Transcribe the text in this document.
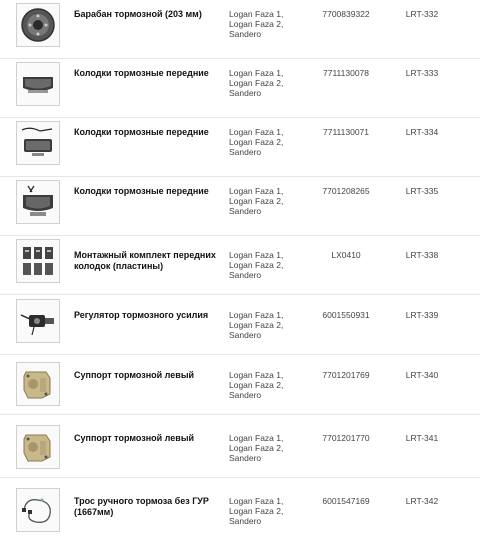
Барабан тормозной (203 мм)	Logan Faza 1,
Logan Faza 2,
Sandero
7700839322	LRT-332
Колодки тормозные передние	Logan Faza 1,
Logan Faza 2,
Sandero
7711130078	LRT-333
Колодки тормозные передние	Logan Faza 1,
Logan Faza 2,
Sandero
7711130071	LRT-334
Колодки тормозные передние	Logan Faza 1,
Logan Faza 2,
Sandero
7701208265	LRT-335
Монтажный комплект передних колодок (пластины)
Logan Faza 1,
Logan Faza 2,
Sandero
LX0410	LRT-338
Регулятор тормозного усилия	Logan Faza 1,
Logan Faza 2,
Sandero
6001550931	LRT-339
Суппорт тормозной левый	Logan Faza 1,
Logan Faza 2,
Sandero
7701201769	LRT-340
Суппорт тормозной левый	Logan Faza 1,
Logan Faza 2,
Sandero
7701201770	LRT-341
Трос ручного тормоза без ГУР (1667мм)
Logan Faza 1,
Logan Faza 2,
Sandero
6001547169	LRT-342
